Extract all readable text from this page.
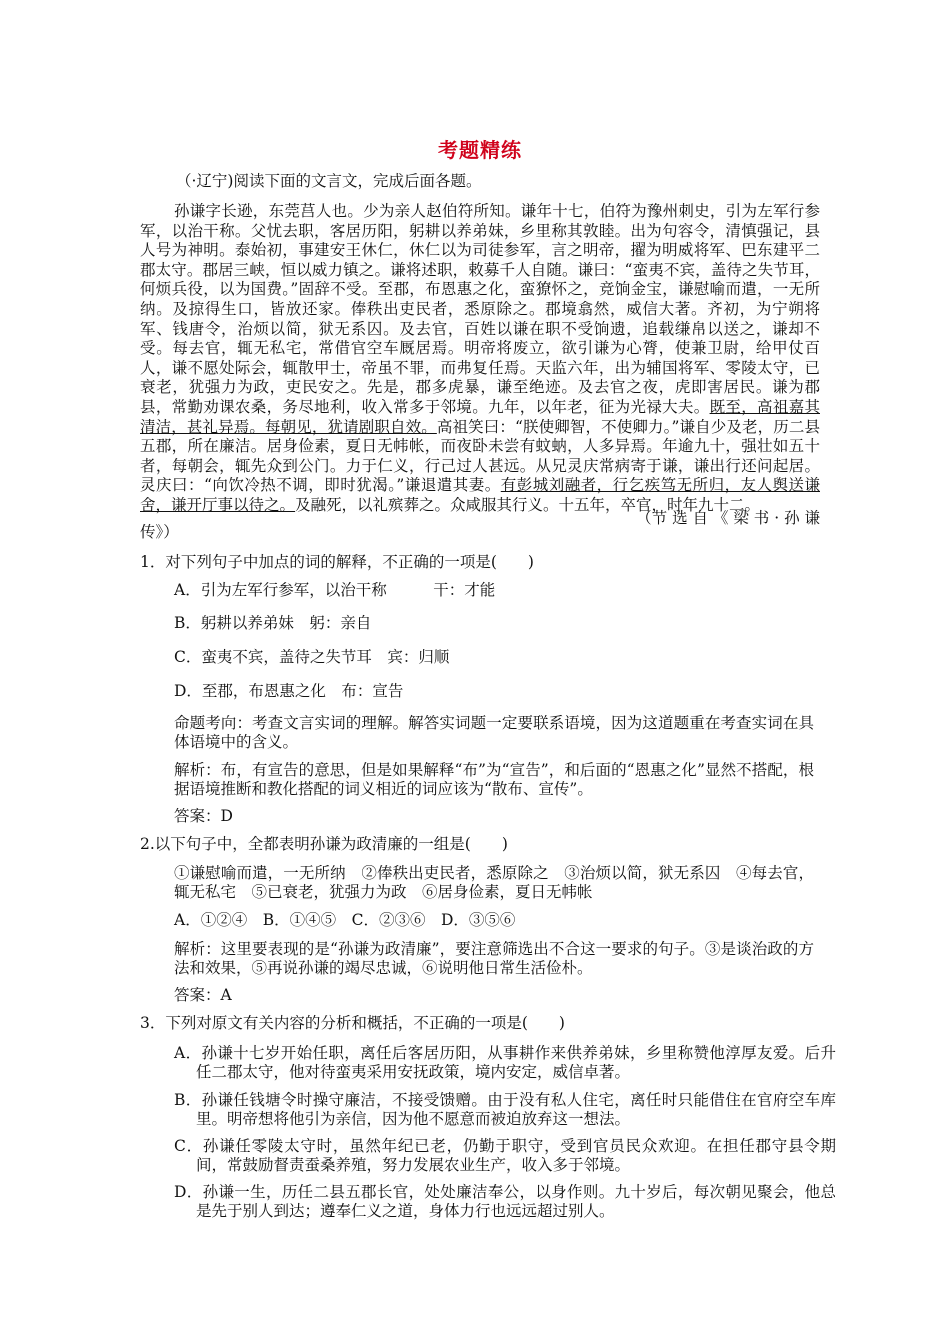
考题精练
（·辽宁)阅读下面的文言文，完成后面各题。
孙谦字长逊，东莞莒人也。少为亲人赵伯符所知。谦年十七，伯符为豫州刺史，引为左军行参军，以治干称。父忧去职，客居历阳，躬耕以养弟妹，乡里称其敦睦。出为句容令，清慎强记，县人号为神明。泰始初，事建安王休仁，休仁以为司徒参军，言之明帝，擢为明威将军、巴东建平二郡太守。郡居三峡，恒以威力镇之。谦将述职，敕募千人自随。谦曰：“蛮夷不宾，盖待之失节耳，何烦兵役，以为国费。”固辞不受。至郡，布恩惠之化，蛮獠怀之，竞饷金宝，谦慰喻而遣，一无所纳。及掠得生口，皆放还家。俸秩出吏民者，悉原除之。郡境翕然，威信大著。齐初，为宁朔将军、钱唐令，治烦以简，狱无系囚。及去官，百姓以谦在职不受饷遗，追载缣帛以送之，谦却不受。每去官，辄无私宅，常借官空车厩居焉。明帝将废立，欲引谦为心膂，使兼卫尉，给甲仗百人，谦不愿处际会，辄散甲士，帝虽不罪，而弗复任焉。天监六年，出为辅国将军、零陵太守，已衰老，犹强力为政，吏民安之。先是，郡多虎暴，谦至绝迹。及去官之夜，虎即害居民。谦为郡县，常勤劝课农桑，务尽地利，收入常多于邻境。九年，以年老，征为光禄大夫。既至，高祖嘉其清洁，甚礼异焉。每朝见，犹请剧职自效。高祖笑曰：“朕使卿智，不使卿力。”谦自少及老，历二县五郡，所在廉洁。居身俭素，夏日无帏帐，而夜卧未尝有蚊蚋，人多异焉。年逾九十，强壮如五十者，每朝会，辄先众到公门。力于仁义，行己过人甚远。从兄灵庆常病寄于谦，谦出行还问起居。灵庆曰：“向饮冷热不调，即时犹渴。”谦退遣其妻。有彭城刘融者，行乞疾笃无所归，友人舆送谦舍，谦开厅事以待之。及融死，以礼殡葬之。众咸服其行义。十五年，卒官，时年九十二。
（节 选 自 《 梁 书 · 孙 谦
传》）
1．对下列句子中加点的词的解释，不正确的一项是(　　)
A．引为左军行参军，以治干称　　　干：才能
B．躬耕以养弟妹　躬：亲自
C．蛮夷不宾，盖待之失节耳　宾：归顺
D．至郡，布恩惠之化　布：宣告
命题考向：考查文言实词的理解。解答实词题一定要联系语境，因为这道题重在考查实词在具体语境中的含义。
解析：布，有宣告的意思，但是如果解释“布”为“宣告”，和后面的“恩惠之化”显然不搭配，根据语境推断和教化搭配的词义相近的词应该为“散布、宣传”。
答案：D
2.以下句子中，全都表明孙谦为政清廉的一组是(　　)
①谦慰喻而遣，一无所纳　②俸秩出吏民者，悉原除之　③治烦以简，狱无系囚　④每去官，辄无私宅　⑤已衰老，犹强力为政　⑥居身俭素，夏日无帏帐
A．①②④　B．①④⑤　C．②③⑥　D．③⑤⑥
解析：这里要表现的是“孙谦为政清廉”，要注意筛选出不合这一要求的句子。③是谈治政的方法和效果，⑤再说孙谦的竭尽忠诚，⑥说明他日常生活俭朴。
答案：A
3．下列对原文有关内容的分析和概括，不正确的一项是(　　)
A．孙谦十七岁开始任职，离任后客居历阳，从事耕作来供养弟妹，乡里称赞他淳厚友爱。后升任二郡太守，他对待蛮夷采用安抚政策，境内安定，威信卓著。
B．孙谦任钱塘令时操守廉洁，不接受馈赠。由于没有私人住宅，离任时只能借住在官府空车库里。明帝想将他引为亲信，因为他不愿意而被迫放弃这一想法。
C．孙谦任零陵太守时，虽然年纪已老，仍勤于职守，受到官员民众欢迎。在担任郡守县令期间，常鼓励督责蚕桑养殖，努力发展农业生产，收入多于邻境。
D．孙谦一生，历任二县五郡长官，处处廉洁奉公，以身作则。九十岁后，每次朝见聚会，他总是先于别人到达；遵奉仁义之道，身体力行也远远超过别人。
